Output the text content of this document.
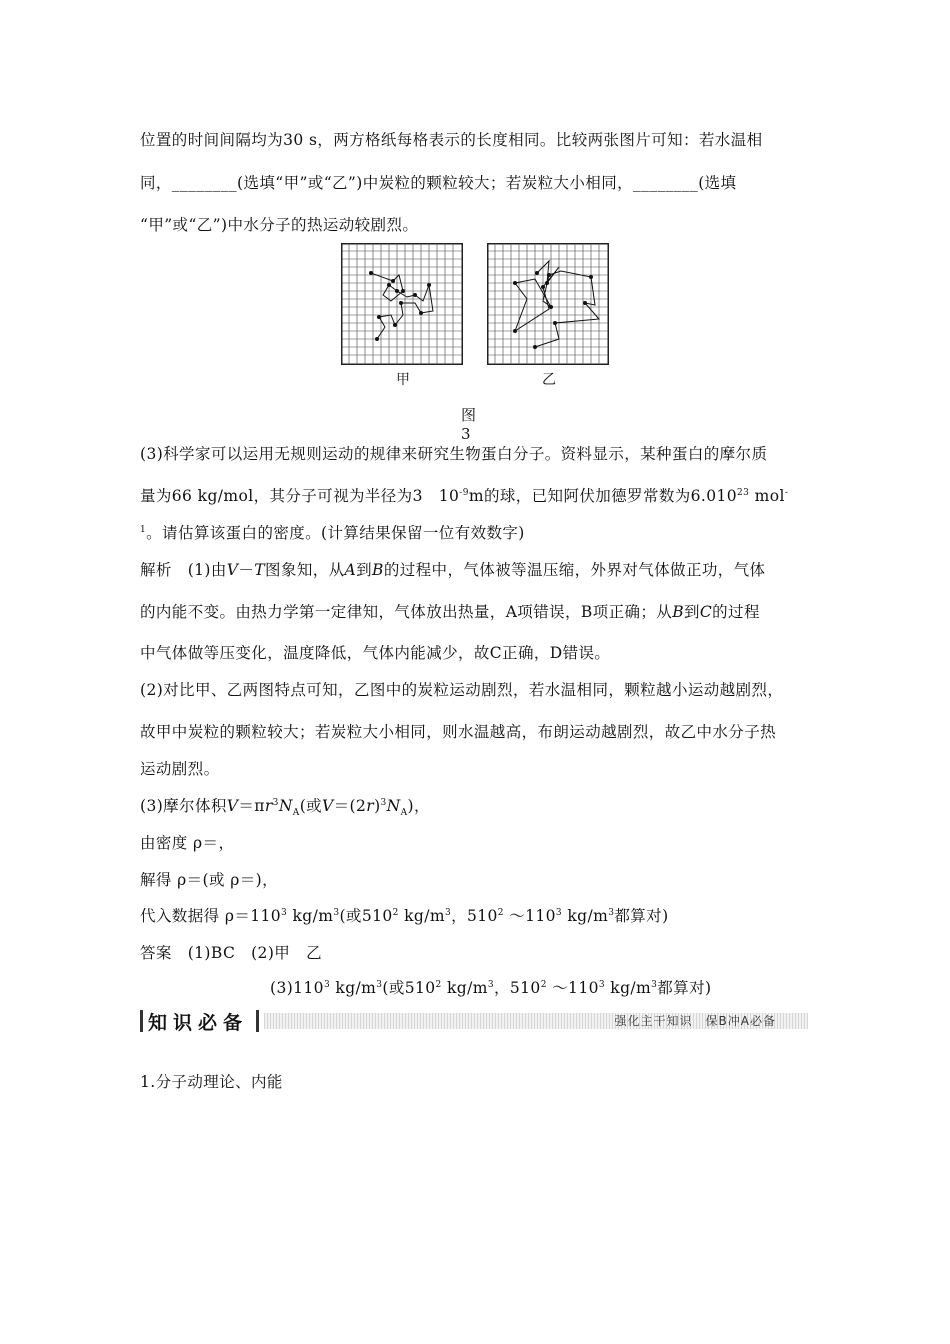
位置的时间间隔均为30 s，两方格纸每格表示的长度相同。比较两张图片可知：若水温相
同，________(选填“甲”或“乙”)中炭粒的颗粒较大；若炭粒大小相同，________(选填
“甲”或“乙”)中水分子的热运动较剧烈。
甲	乙
图3
(3)科学家可以运用无规则运动的规律来研究生物蛋白分子。资料显示，某种蛋白的摩尔质
量为66 kg/mol，其分子可视为半径为3　$10^{-9}m$的球，已知阿伏加德罗常数为6.010$^{23}$ mol-
$^1$。请估算该蛋白的密度。(计算结果保留一位有效数字)
解析　 (1)由V－T图象知，从A到B的过程中，气体被等温压缩，外界对气体做正功，气体
的内能不变。由热力学第一定律知，气体放出热量，A项错误，B项正确；从B到C的过程
中气体做等压变化，温度降低，气体内能减少，故C正确，D错误。
(2)对比甲、乙两图特点可知，乙图中的炭粒运动剧烈，若水温相同，颗粒越小运动越剧烈，
故甲中炭粒的颗粒较大；若炭粒大小相同，则水温越高，布朗运动越剧烈，故乙中水分子热
运动剧烈。
(3)摩尔体积$V=\pi r^3N_A$(或$V=(2r)^3N_A$)，
由密度 ρ＝，
解得 ρ＝(或 ρ＝)，
代入数据得 $\rho=110^3$ $kg/m^3$(或$510^2$ $kg/m^3$，$510^2$ $\sim 110^3$ $kg/m^3$都算对)
答案　 (1)BC　(2)甲　乙
$(3)110^3$ $kg/m^3$(或$510^2$ $kg/m^3$，$510^2$ $\sim 110^3$ $kg/m^3$都算对)
知识必备	强化主干知识　保B冲A必备
1.分子动理论、内能
